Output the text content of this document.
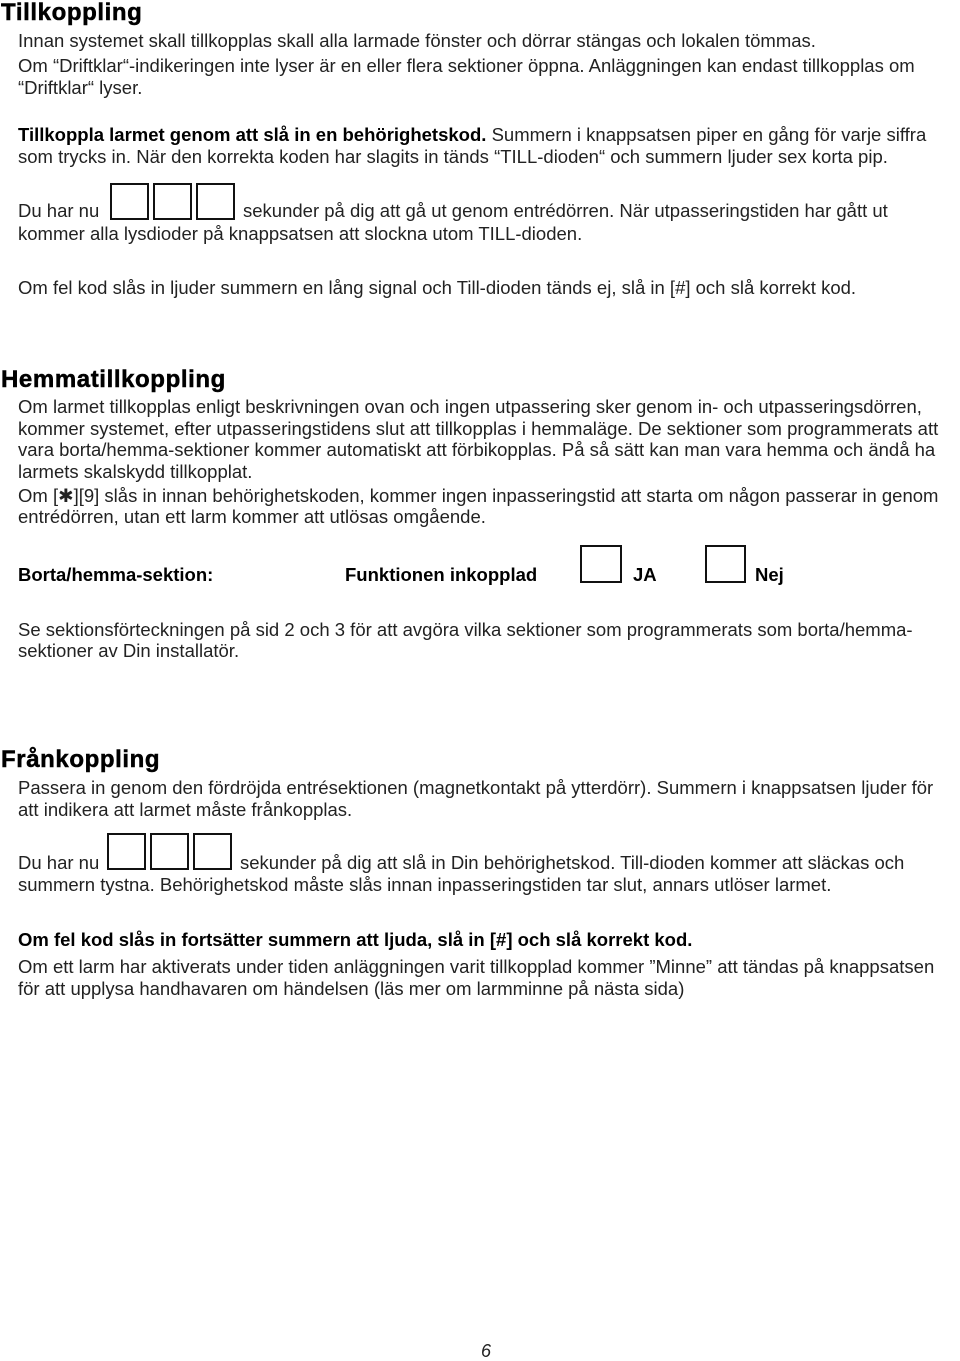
Tillkoppling
Innan systemet skall tillkopplas skall alla larmade fönster och dörrar stängas och lokalen tömmas.
Om “Driftklar“-indikeringen inte lyser är en eller flera sektioner öppna. Anläggningen kan endast tillkopplas om
“Driftklar“ lyser.
Tillkoppla larmet genom att slå in en behörighetskod. Summern i knappsatsen piper en gång för varje siffra
som trycks in. När den korrekta koden har slagits in tänds “TILL-dioden“ och summern ljuder sex korta pip.
Du har nu	sekunder på dig att gå ut genom entrédörren. När utpasseringstiden har gått ut
kommer alla lysdioder på knappsatsen att slockna utom TILL-dioden.
Om fel kod slås in ljuder summern en lång signal och Till-dioden tänds ej, slå in [#] och slå korrekt kod.
Hemmatillkoppling
Om larmet tillkopplas enligt beskrivningen ovan och ingen utpassering sker genom in- och utpasseringsdörren,
kommer systemet, efter utpasseringstidens slut att tillkopplas i hemmaläge. De sektioner som programmerats att
vara borta/hemma-sektioner kommer automatiskt att förbikopplas. På så sätt kan man vara hemma och ändå ha
larmets skalskydd tillkopplat.
Om [✱][9] slås in innan behörighetskoden, kommer ingen inpasseringstid att starta om någon passerar in genom
entrédörren, utan ett larm kommer att utlösas omgående.
Borta/hemma-sektion:	Funktionen inkopplad	JA	Nej
Se sektionsförteckningen på sid 2 och 3 för att avgöra vilka sektioner som programmerats som borta/hemma-
sektioner av Din installatör.
Frånkoppling
Passera in genom den fördröjda entrésektionen (magnetkontakt på ytterdörr). Summern i knappsatsen ljuder för
att indikera att larmet måste frånkopplas.
Du har nu	sekunder på dig att slå in Din behörighetskod. Till-dioden kommer att släckas och
summern tystna. Behörighetskod måste slås innan inpasseringstiden tar slut, annars utlöser larmet.
Om fel kod slås in fortsätter summern att ljuda, slå in [#] och slå korrekt kod.
Om ett larm har aktiverats under tiden anläggningen varit tillkopplad kommer ”Minne” att tändas på knappsatsen
för att upplysa handhavaren om händelsen (läs mer om larmminne på nästa sida)
6
